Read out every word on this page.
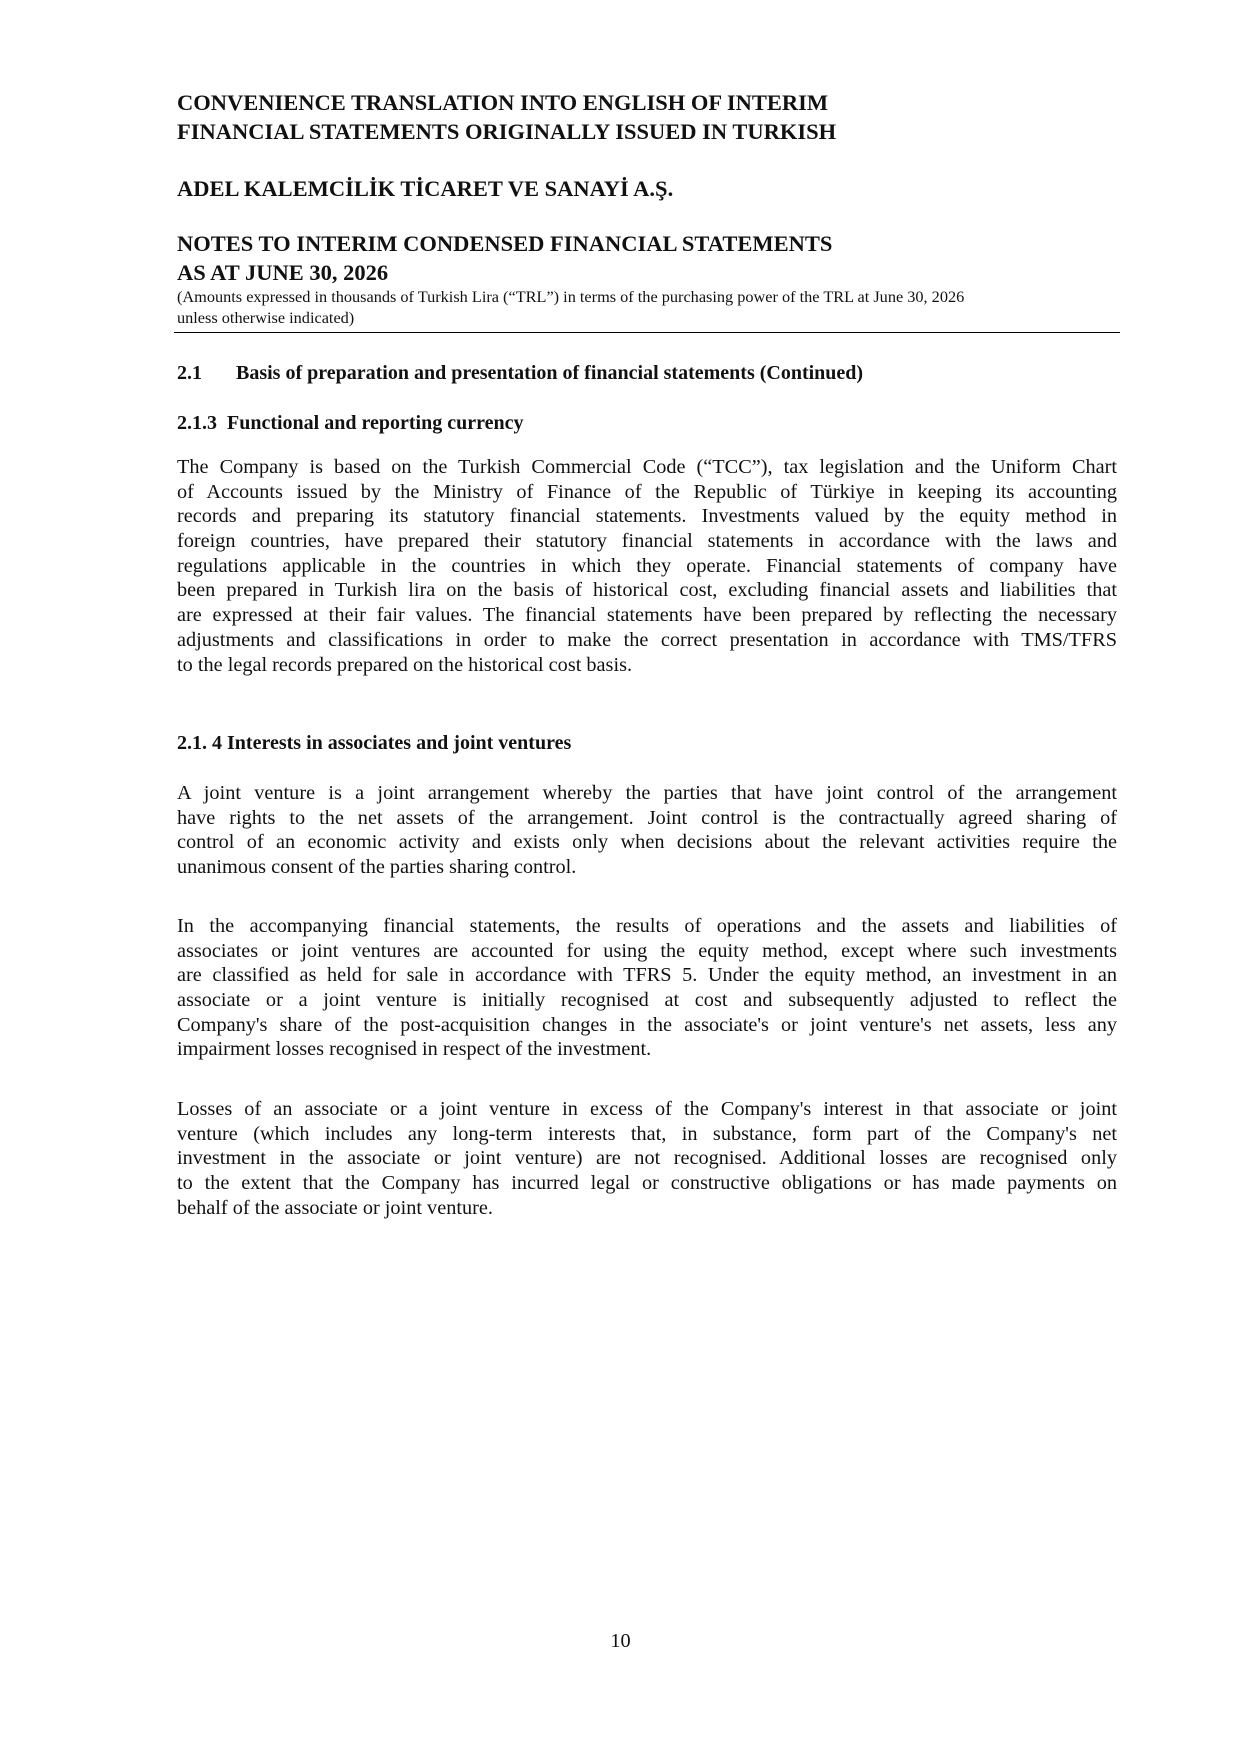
CONVENIENCE TRANSLATION INTO ENGLISH OF INTERIM
FINANCIAL STATEMENTS ORIGINALLY ISSUED IN TURKISH
ADEL KALEMCİLİK TİCARET VE SANAYİ A.Ş.
NOTES TO INTERIM CONDENSED FINANCIAL STATEMENTS
AS AT JUNE 30, 2026
(Amounts expressed in thousands of Turkish Lira (“TRL”) in terms of the purchasing power of the TRL at June 30, 2026
unless otherwise indicated)
2.1 Basis of preparation and presentation of financial statements (Continued)
2.1.3  Functional and reporting currency
The Company is based on the Turkish Commercial Code (“TCC”), tax legislation and the Uniform Chart
of Accounts issued by the Ministry of Finance of the Republic of Türkiye in keeping its accounting
records and preparing its statutory financial statements. Investments valued by the equity method in
foreign countries, have prepared their statutory financial statements in accordance with the laws and
regulations applicable in the countries in which they operate. Financial statements of company have
been prepared in Turkish lira on the basis of historical cost, excluding financial assets and liabilities that
are expressed at their fair values. The financial statements have been prepared by reflecting the necessary
adjustments and classifications in order to make the correct presentation in accordance with TMS/TFRS
to the legal records prepared on the historical cost basis.
2.1. 4 Interests in associates and joint ventures
A joint venture is a joint arrangement whereby the parties that have joint control of the arrangement
have rights to the net assets of the arrangement. Joint control is the contractually agreed sharing of
control of an economic activity and exists only when decisions about the relevant activities require the
unanimous consent of the parties sharing control.
In the accompanying financial statements, the results of operations and the assets and liabilities of
associates or joint ventures are accounted for using the equity method, except where such investments
are classified as held for sale in accordance with TFRS 5. Under the equity method, an investment in an
associate or a joint venture is initially recognised at cost and subsequently adjusted to reflect the
Company's share of the post-acquisition changes in the associate's or joint venture's net assets, less any
impairment losses recognised in respect of the investment.
Losses of an associate or a joint venture in excess of the Company's interest in that associate or joint
venture (which includes any long-term interests that, in substance, form part of the Company's net
investment in the associate or joint venture) are not recognised. Additional losses are recognised only
to the extent that the Company has incurred legal or constructive obligations or has made payments on
behalf of the associate or joint venture.
10
